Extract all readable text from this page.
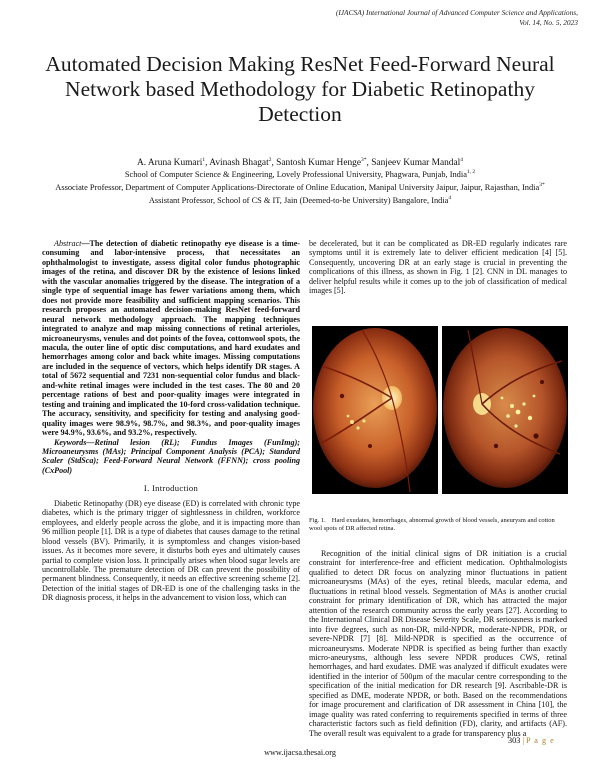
(IJACSA) International Journal of Advanced Computer Science and Applications,
Vol. 14, No. 5, 2023
Automated Decision Making ResNet Feed-Forward Neural Network based Methodology for Diabetic Retinopathy Detection
A. Aruna Kumari$^1$, Avinash Bhagat$^2$, Santosh Kumar Henge$^{3*}$, Sanjeev Kumar Mandal$^4$
School of Computer Science & Engineering, Lovely Professional University, Phagwara, Punjab, India$^{1, 2}$
Associate Professor, Department of Computer Applications-Directorate of Online Education, Manipal University Jaipur, Jaipur, Rajasthan, India$^{3*}$
Assistant Professor, School of CS & IT, Jain (Deemed-to-be University) Bangalore, India$^4$

Abstract—The detection of diabetic retinopathy eye disease is a time-consuming and labor-intensive process, that necessitates an ophthalmologist to investigate, assess digital color fundus photographic images of the retina, and discover DR by the existence of lesions linked with the vascular anomalies triggered by the disease. The integration of a single type of sequential image has fewer variations among them, which does not provide more feasibility and sufficient mapping scenarios. This research proposes an automated decision-making ResNet feed-forward neural network methodology approach. The mapping techniques integrated to analyze and map missing connections of retinal arterioles, microaneurysms, venules and dot points of the fovea, cottonwool spots, the macula, the outer line of optic disc computations, and hard exudates and hemorrhages among color and back white images. Missing computations are included in the sequence of vectors, which helps identify DR stages. A total of 5672 sequential and 7231 non-sequential color fundus and black-and-white retinal images were included in the test cases. The 80 and 20 percentage rations of best and poor-quality images were integrated in testing and training and implicated the 10-ford cross-validation technique. The accuracy, sensitivity, and specificity for testing and analysing good-quality images were 98.9%, 98.7%, and 98.3%, and poor-quality images were 94.9%, 93.6%, and 93.2%, respectively.

Keywords—Retinal lesion (RL); Fundus Images (FunImg); Microaneurysms (MAs); Principal Component Analysis (PCA); Standard Scaler (StdSca); Feed-Forward Neural Network (FFNN); cross pooling (CxPool)

I. Introduction

Diabetic Retinopathy (DR) eye disease (ED) is correlated with chronic type diabetes, which is the primary trigger of sightlessness in children, workforce employees, and elderly people across the globe, and it is impacting more than 96 million people [1]. DR is a type of diabetes that causes damage to the retinal blood vessels (BV). Primarily, it is symptomless and changes vision-based issues. As it becomes more severe, it disturbs both eyes and ultimately causes partial to complete vision loss. It principally arises when blood sugar levels are uncontrollable. The premature detection of DR can prevent the possibility of permanent blindness. Consequently, it needs an effective screening scheme [2]. Detection of the initial stages of DR-ED is one of the challenging tasks in the DR diagnosis process, it helps in the advancement to vision loss, which can

be decelerated, but it can be complicated as DR-ED regularly indicates rare symptoms until it is extremely late to deliver efficient medication [4] [5]. Consequently, uncovering DR at an early stage is crucial in preventing the complications of this illness, as shown in Fig. 1 [2]. CNN in DL manages to deliver helpful results while it comes up to the job of classification of medical images [5].

Fig. 1. Hard exudates, hemorrhages, abnormal growth of blood vessels, aneurysm and cotton wool spots of DR affected retina.

Recognition of the initial clinical signs of DR initiation is a crucial constraint for interference-free and efficient medication. Ophthalmologists qualified to detect DR focus on analyzing minor fluctuations in patient microaneurysms (MAs) of the eyes, retinal bleeds, macular edema, and fluctuations in retinal blood vessels. Segmentation of MAs is another crucial constraint for primary identification of DR, which has attracted the major attention of the research community across the early years [27]. According to the International Clinical DR Disease Severity Scale, DR seriousness is marked into five degrees, such as non-DR, mild-NPDR, moderate-NPDR, PDR, or severe-NPDR [7] [8]. Mild-NPDR is specified as the occurrence of microaneurysms. Moderate NPDR is specified as being further than exactly micro-aneurysms, although less severe NPDR produces CWS, retinal hemorrhages, and hard exudates. DME was analyzed if difficult exudates were identified in the interior of 500μm of the macular centre corresponding to the specification of the initial medication for DR research [9]. Ascribable-DR is specified as DME, moderate NPDR, or both. Based on the recommendations for image procurement and clarification of DR assessment in China [10], the image quality was rated conferring to requirements specified in terms of three characteristic factors such as field definition (FD), clarity, and artifacts (AF). The overall result was equivalent to a grade for transparency plus a

303 | P a g e
www.ijacsa.thesai.org
